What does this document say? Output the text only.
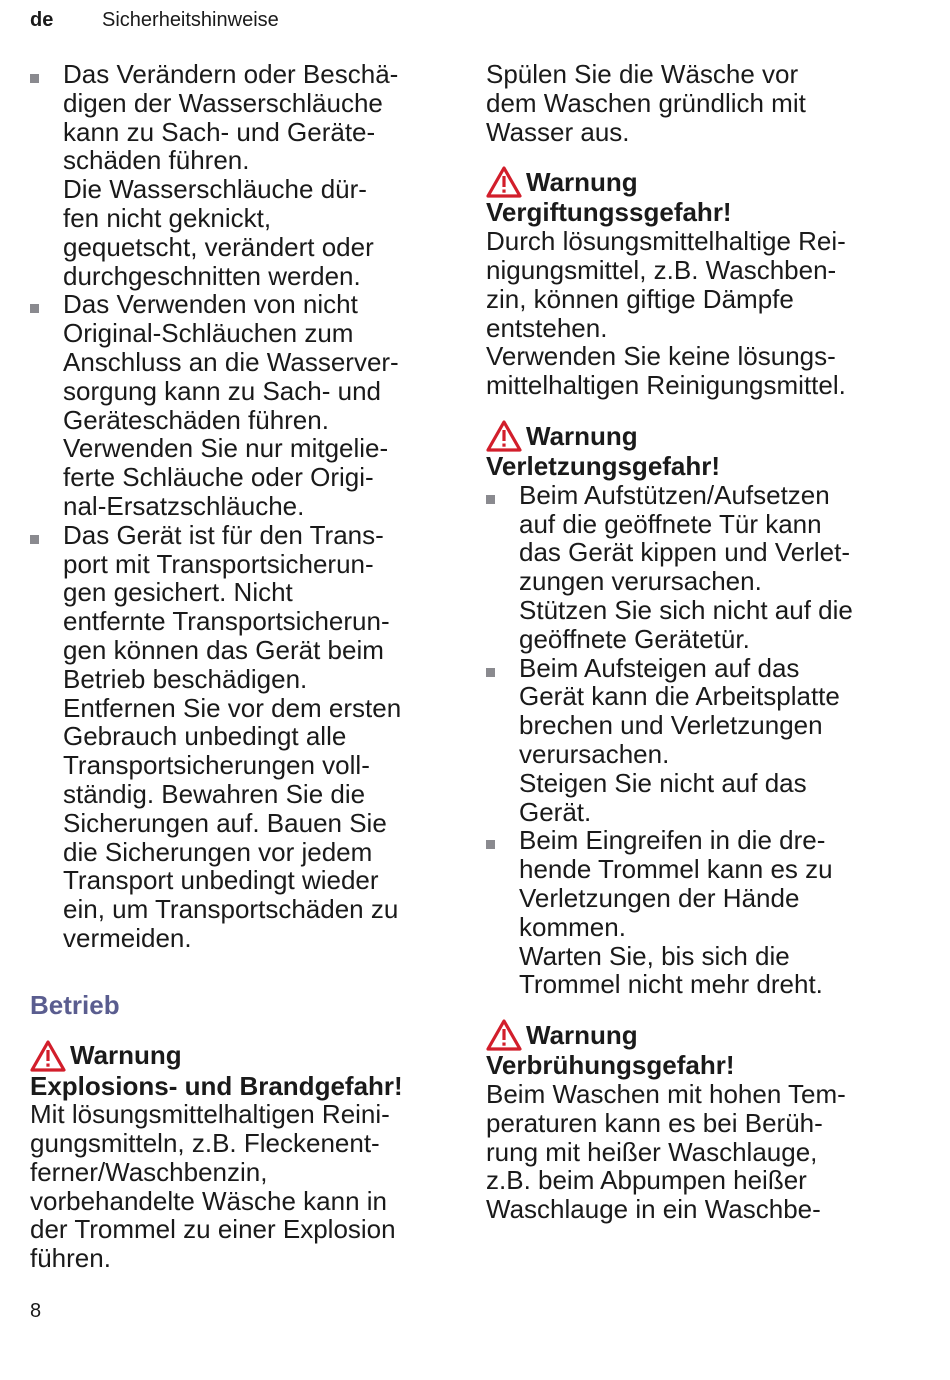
de Sicherheitshinweise
Das Verändern oder Beschä-
digen der Wasserschläuche
kann zu Sach- und Geräte-
schäden führen.
Die Wasserschläuche dür-
fen nicht geknickt,
gequetscht, verändert oder
durchgeschnitten werden.
Das Verwenden von nicht
Original-Schläuchen zum
Anschluss an die Wasserver-
sorgung kann zu Sach- und
Geräteschäden führen.
Verwenden Sie nur mitgelie-
ferte Schläuche oder Origi-
nal-Ersatzschläuche.
Das Gerät ist für den Trans-
port mit Transportsicherun-
gen gesichert. Nicht
entfernte Transportsicherun-
gen können das Gerät beim
Betrieb beschädigen.
Entfernen Sie vor dem ersten
Gebrauch unbedingt alle
Transportsicherungen voll-
ständig. Bewahren Sie die
Sicherungen auf. Bauen Sie
die Sicherungen vor jedem
Transport unbedingt wieder
ein, um Transportschäden zu
vermeiden.
Betrieb
Warnung
Explosions- und Brandgefahr!

Mit lösungsmittelhaltigen Reini-
gungsmitteln, z.B. Fleckenent-
ferner/Waschbenzin,
vorbehandelte Wäsche kann in
der Trommel zu einer Explosion
führen.

Spülen Sie die Wäsche vor
dem Waschen gründlich mit
Wasser aus.

Warnung
Vergiftungssgefahr!

Durch lösungsmittelhaltige Rei-
nigungsmittel, z.B. Waschben-
zin, können giftige Dämpfe
entstehen.
Verwenden Sie keine lösungs-
mittelhaltigen Reinigungsmittel.

Warnung
Verletzungsgefahr!
Beim Aufstützen/Aufsetzen
auf die geöffnete Tür kann
das Gerät kippen und Verlet-
zungen verursachen.
Stützen Sie sich nicht auf die
geöffnete Gerätetür.
Beim Aufsteigen auf das
Gerät kann die Arbeitsplatte
brechen und Verletzungen
verursachen.
Steigen Sie nicht auf das
Gerät.
Beim Eingreifen in die dre-
hende Trommel kann es zu
Verletzungen der Hände
kommen.
Warten Sie, bis sich die
Trommel nicht mehr dreht.
Warnung
Verbrühungsgefahr!

Beim Waschen mit hohen Tem-
peraturen kann es bei Berüh-
rung mit heißer Waschlauge,
z.B. beim Abpumpen heißer
Waschlauge in ein Waschbe-

8
